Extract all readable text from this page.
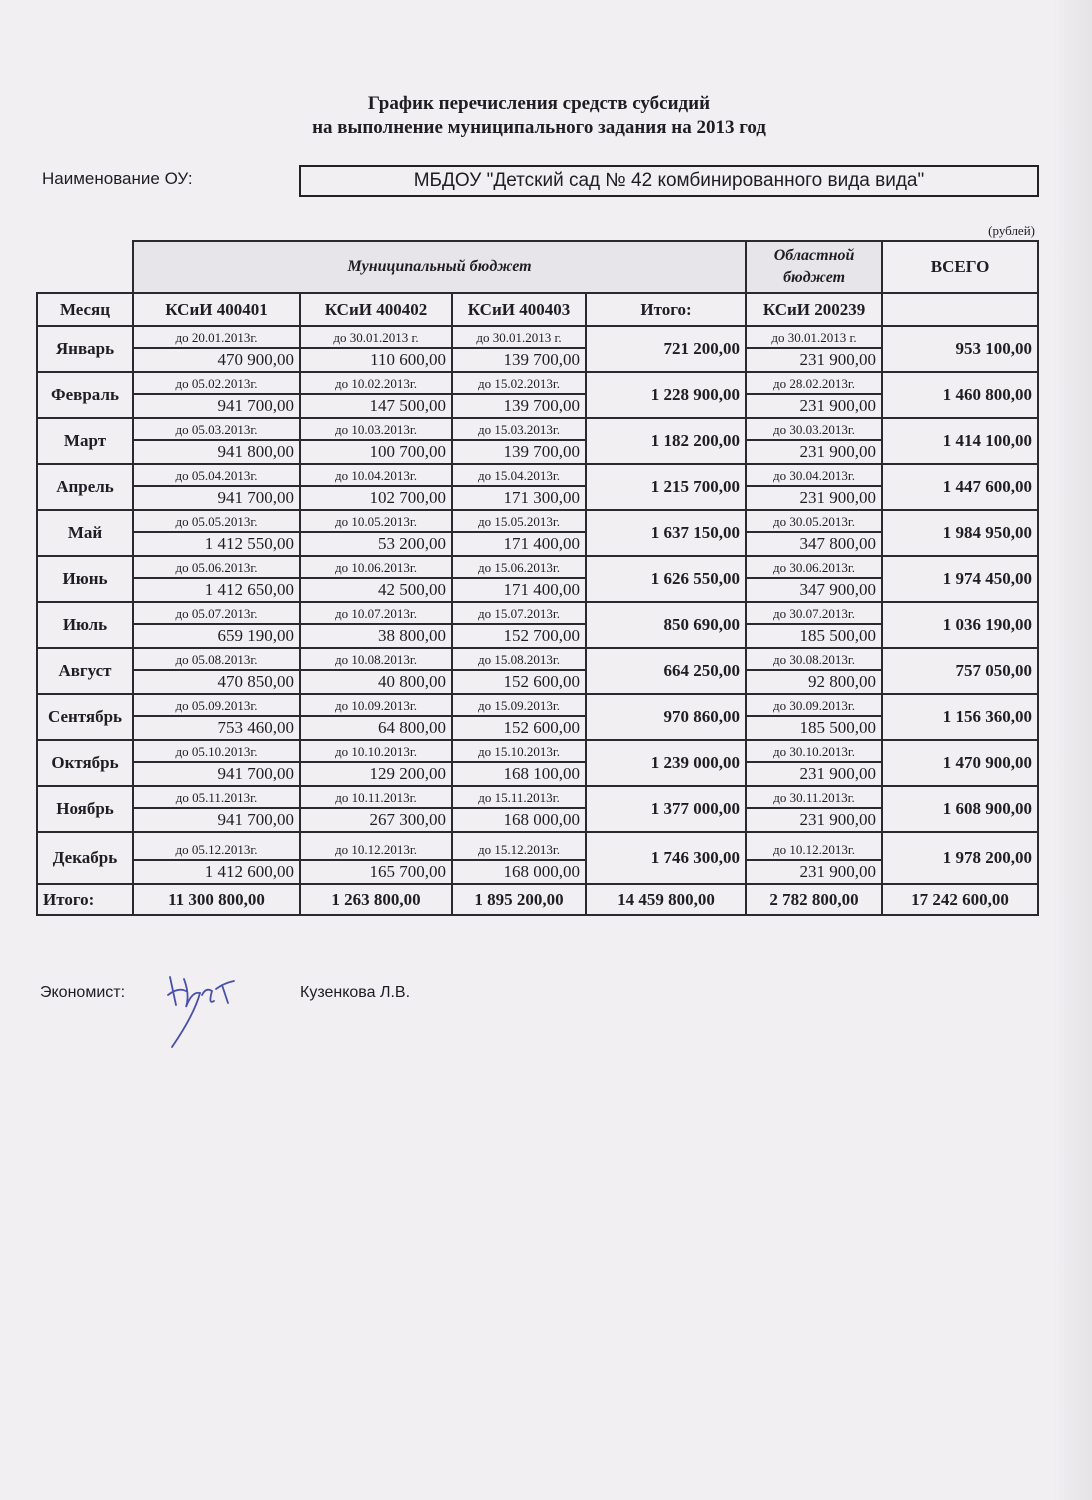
График перечисления средств субсидий
на выполнение муниципального задания на 2013 год
Наименование ОУ:	МБДОУ "Детский сад № 42 комбинированного вида вида"
(рублей)
	Муниципальный бюджет				Областной бюджет	ВСЕГО
Месяц	КСиИ 400401	КСиИ 400402	КСиИ 400403	Итого:	КСиИ 200239	
Январь	до 20.01.2013г.	до 30.01.2013 г.	до 30.01.2013 г.	721 200,00	до 30.01.2013 г.	953 100,00
	470 900,00	110 600,00	139 700,00		231 900,00	
Февраль	до 05.02.2013г.	до 10.02.2013г.	до 15.02.2013г.	1 228 900,00	до 28.02.2013г.	1 460 800,00
	941 700,00	147 500,00	139 700,00		231 900,00	
Март	до 05.03.2013г.	до 10.03.2013г.	до 15.03.2013г.	1 182 200,00	до 30.03.2013г.	1 414 100,00
	941 800,00	100 700,00	139 700,00		231 900,00	
Апрель	до 05.04.2013г.	до 10.04.2013г.	до 15.04.2013г.	1 215 700,00	до 30.04.2013г.	1 447 600,00
	941 700,00	102 700,00	171 300,00		231 900,00	
Май	до 05.05.2013г.	до 10.05.2013г.	до 15.05.2013г.	1 637 150,00	до 30.05.2013г.	1 984 950,00
	1 412 550,00	53 200,00	171 400,00		347 800,00	
Июнь	до 05.06.2013г.	до 10.06.2013г.	до 15.06.2013г.	1 626 550,00	до 30.06.2013г.	1 974 450,00
	1 412 650,00	42 500,00	171 400,00		347 900,00	
Июль	до 05.07.2013г.	до 10.07.2013г.	до 15.07.2013г.	850 690,00	до 30.07.2013г.	1 036 190,00
	659 190,00	38 800,00	152 700,00		185 500,00	
Август	до 05.08.2013г.	до 10.08.2013г.	до 15.08.2013г.	664 250,00	до 30.08.2013г.	757 050,00
	470 850,00	40 800,00	152 600,00		92 800,00	
Сентябрь	до 05.09.2013г.	до 10.09.2013г.	до 15.09.2013г.	970 860,00	до 30.09.2013г.	1 156 360,00
	753 460,00	64 800,00	152 600,00		185 500,00	
Октябрь	до 05.10.2013г.	до 10.10.2013г.	до 15.10.2013г.	1 239 000,00	до 30.10.2013г.	1 470 900,00
	941 700,00	129 200,00	168 100,00		231 900,00	
Ноябрь	до 05.11.2013г.	до 10.11.2013г.	до 15.11.2013г.	1 377 000,00	до 30.11.2013г.	1 608 900,00
	941 700,00	267 300,00	168 000,00		231 900,00	
Декабрь	до 05.12.2013г.	до 10.12.2013г.	до 15.12.2013г.	1 746 300,00	до 10.12.2013г.	1 978 200,00
	1 412 600,00	165 700,00	168 000,00		231 900,00	
Итого:	11 300 800,00	1 263 800,00	1 895 200,00	14 459 800,00	2 782 800,00	17 242 600,00
Экономист:	Кузенкова Л.В.
